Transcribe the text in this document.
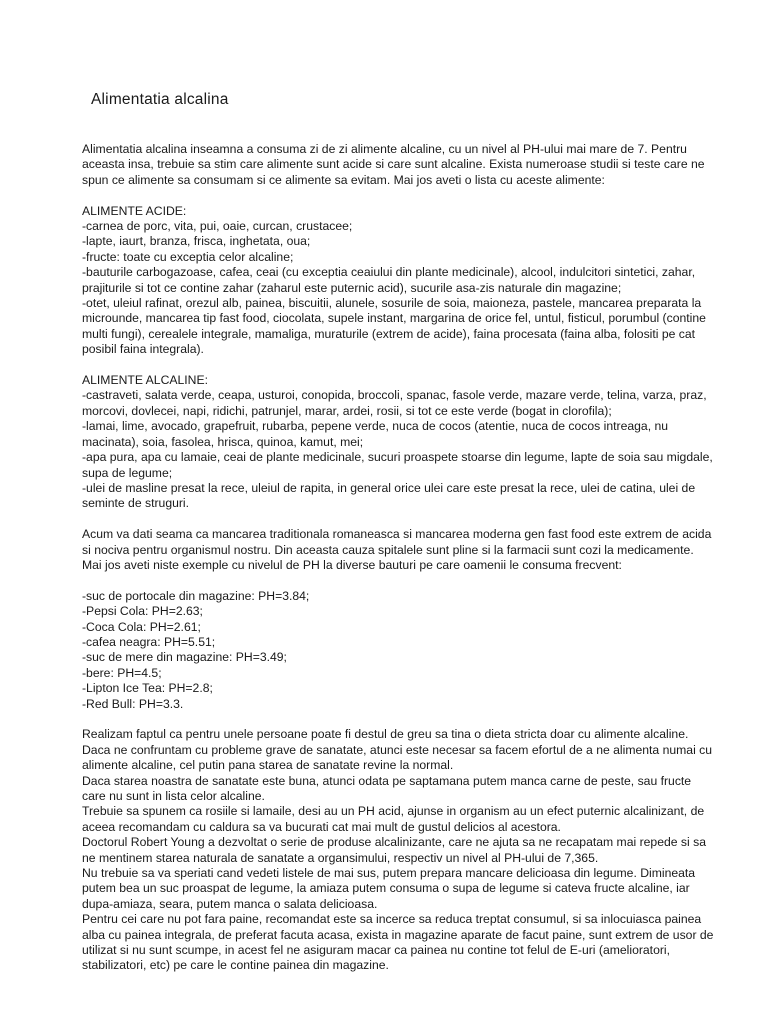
Alimentatia alcalina

Alimentatia alcalina inseamna a consuma zi de zi alimente alcaline, cu un nivel al PH-ului mai mare de 7. Pentru
aceasta insa, trebuie sa stim care alimente sunt acide si care sunt alcaline. Exista numeroase studii si teste care ne
spun ce alimente sa consumam si ce alimente sa evitam. Mai jos aveti o lista cu aceste alimente:

ALIMENTE ACIDE:
-carnea de porc, vita, pui, oaie, curcan, crustacee;
-lapte, iaurt, branza, frisca, inghetata, oua;
-fructe: toate cu exceptia celor alcaline;
-bauturile carbogazoase, cafea, ceai (cu exceptia ceaiului din plante medicinale), alcool, indulcitori sintetici, zahar,
prajiturile si tot ce contine zahar (zaharul este puternic acid), sucurile asa-zis naturale din magazine;
-otet, uleiul rafinat, orezul alb, painea, biscuitii, alunele, sosurile de soia, maioneza, pastele, mancarea preparata la
microunde, mancarea tip fast food, ciocolata, supele instant, margarina de orice fel, untul, fisticul, porumbul (contine
multi fungi), cerealele integrale, mamaliga, muraturile (extrem de acide), faina procesata (faina alba, folositi pe cat
posibil faina integrala).

ALIMENTE ALCALINE:
-castraveti, salata verde, ceapa, usturoi, conopida, broccoli, spanac, fasole verde, mazare verde, telina, varza, praz,
morcovi, dovlecei, napi, ridichi, patrunjel, marar, ardei, rosii, si tot ce este verde (bogat in clorofila);
-lamai, lime, avocado, grapefruit, rubarba, pepene verde, nuca de cocos (atentie, nuca de cocos intreaga, nu
macinata), soia, fasolea, hrisca, quinoa, kamut, mei;
-apa pura, apa cu lamaie, ceai de plante medicinale, sucuri proaspete stoarse din legume, lapte de soia sau migdale,
supa de legume;
-ulei de masline presat la rece, uleiul de rapita, in general orice ulei care este presat la rece, ulei de catina, ulei de
seminte de struguri.

Acum va dati seama ca mancarea traditionala romaneasca si mancarea moderna gen fast food este extrem de acida
si nociva pentru organismul nostru. Din aceasta cauza spitalele sunt pline si la farmacii sunt cozi la medicamente.
Mai jos aveti niste exemple cu nivelul de PH la diverse bauturi pe care oamenii le consuma frecvent:

-suc de portocale din magazine: PH=3.84;
-Pepsi Cola: PH=2.63;
-Coca Cola: PH=2.61;
-cafea neagra: PH=5.51;
-suc de mere din magazine: PH=3.49;
-bere: PH=4.5;
-Lipton Ice Tea: PH=2.8;
-Red Bull: PH=3.3.

Realizam faptul ca pentru unele persoane poate fi destul de greu sa tina o dieta stricta doar cu alimente alcaline.
Daca ne confruntam cu probleme grave de sanatate, atunci este necesar sa facem efortul de a ne alimenta numai cu
alimente alcaline, cel putin pana starea de sanatate revine la normal.
Daca starea noastra de sanatate este buna, atunci odata pe saptamana putem manca carne de peste, sau fructe
care nu sunt in lista celor alcaline.
Trebuie sa spunem ca rosiile si lamaile, desi au un PH acid, ajunse in organism au un efect puternic alcalinizant, de
aceea recomandam cu caldura sa va bucurati cat mai mult de gustul delicios al acestora.
Doctorul Robert Young a dezvoltat o serie de produse alcalinizante, care ne ajuta sa ne recapatam mai repede si sa
ne mentinem starea naturala de sanatate a organsimului, respectiv un nivel al PH-ului de 7,365.
Nu trebuie sa va speriati cand vedeti listele de mai sus, putem prepara mancare delicioasa din legume. Dimineata
putem bea un suc proaspat de legume, la amiaza putem consuma o supa de legume si cateva fructe alcaline, iar
dupa-amiaza, seara, putem manca o salata delicioasa.
Pentru cei care nu pot fara paine, recomandat este sa incerce sa reduca treptat consumul, si sa inlocuiasca painea
alba cu painea integrala, de preferat facuta acasa, exista in magazine aparate de facut paine, sunt extrem de usor de
utilizat si nu sunt scumpe, in acest fel ne asiguram macar ca painea nu contine tot felul de E-uri (amelioratori,
stabilizatori, etc) pe care le contine painea din magazine.
